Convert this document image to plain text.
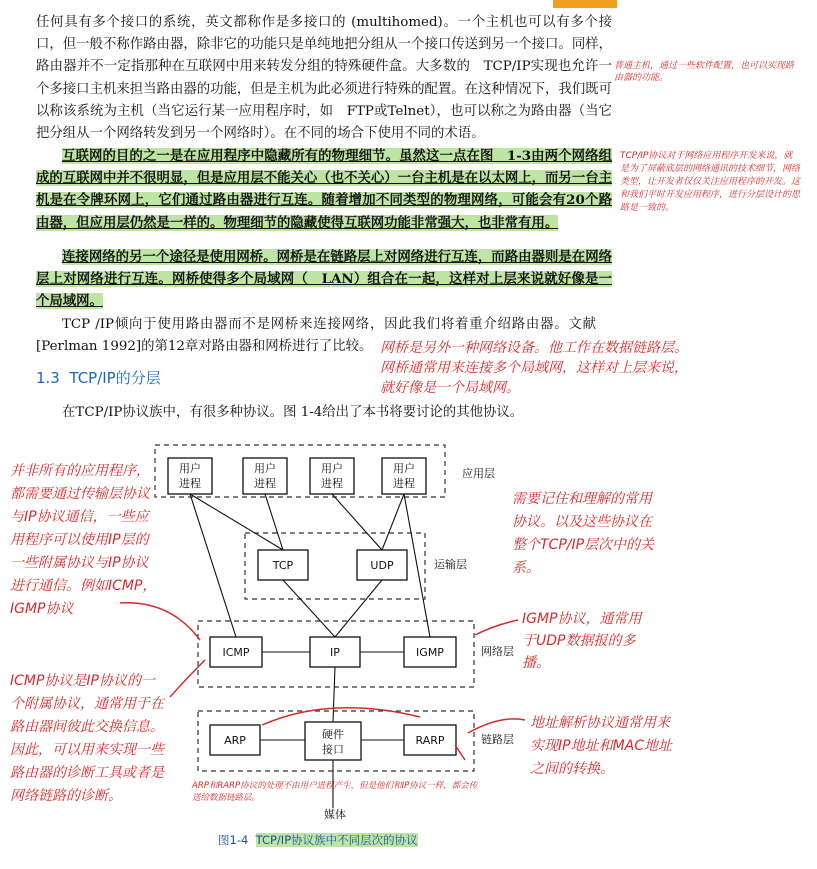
任何具有多个接口的系统，英文都称作是多接口的 (multihomed)。一个主机也可以有多个接口，但一般不称作路由器，除非它的功能只是单纯地把分组从一个接口传送到另一个接口。同样，路由器并不一定指那种在互联网中用来转发分组的特殊硬件盒。大多数的　TCP/IP实现也允许一个多接口主机来担当路由器的功能，但是主机为此必须进行特殊的配置。在这种情况下，我们既可以称该系统为主机（当它运行某一应用程序时，如　FTP或Telnet），也可以称之为路由器（当它把分组从一个网络转发到另一个网络时）。在不同的场合下使用不同的术语。

互联网的目的之一是在应用程序中隐藏所有的物理细节。虽然这一点在图　1-3由两个网络组成的互联网中并不很明显，但是应用层不能关心（也不关心）一台主机是在以太网上，而另一台主机是在令牌环网上，它们通过路由器进行互连。随着增加不同类型的物理网络，可能会有20个路由器，但应用层仍然是一样的。物理细节的隐藏使得互联网功能非常强大，也非常有用。

连接网络的另一个途径是使用网桥。网桥是在链路层上对网络进行互连，而路由器则是在网络层上对网络进行互连。网桥使得多个局域网（　LAN）组合在一起，这样对上层来说就好像是一个局域网。

TCP /IP倾向于使用路由器而不是网桥来连接网络，因此我们将着重介绍路由器。文献[Perlman 1992]的第12章对路由器和网桥进行了比较。

1.3 TCP/IP的分层

在TCP/IP协议族中，有很多种协议。图 1-4给出了本书将要讨论的其他协议。

普通主机，通过一些软件配置，也可以实现路由器的功能。
TCP/IP协议对于网络应用程序开发来说，就是为了屏蔽底层的网络通讯的技术细节，网络类型，让开发者仅仅关注应用程序的开发。这和我们平时开发应用程序，进行分层设计的思路是一致的。
网桥是另外一种网络设备。他工作在数据链路层。网桥通常用来连接多个局域网，这样对上层来说，就好像是一个局域网。
并非所有的应用程序，都需要通过传输层协议与IP协议通信，一些应用程序可以使用IP层的一些附属协议与IP协议进行通信。例如ICMP，IGMP协议
需要记住和理解的常用协议。以及这些协议在整个TCP/IP层次中的关系。
IGMP协议，通常用于UDP数据报的多播。
ICMP协议是IP协议的一个附属协议，通常用于在路由器间彼此交换信息。因此，可以用来实现一些路由器的诊断工具或者是网络链路的诊断。
地址解析协议通常用来实现IP地址和MAC地址之间的转换。
ARP和RARP协议的处理不由用户进程产生，但是他们和IP协议一样，都会传送给数据链路层。
用户
进程
用户
进程
用户
进程
用户
进程
应用层
TCP	UDP	运输层
ICMP	IP	IGMP	网络层
ARP	硬件
接口
RARP	链路层
媒体
图1-4 TCP/IP协议族中不同层次的协议
